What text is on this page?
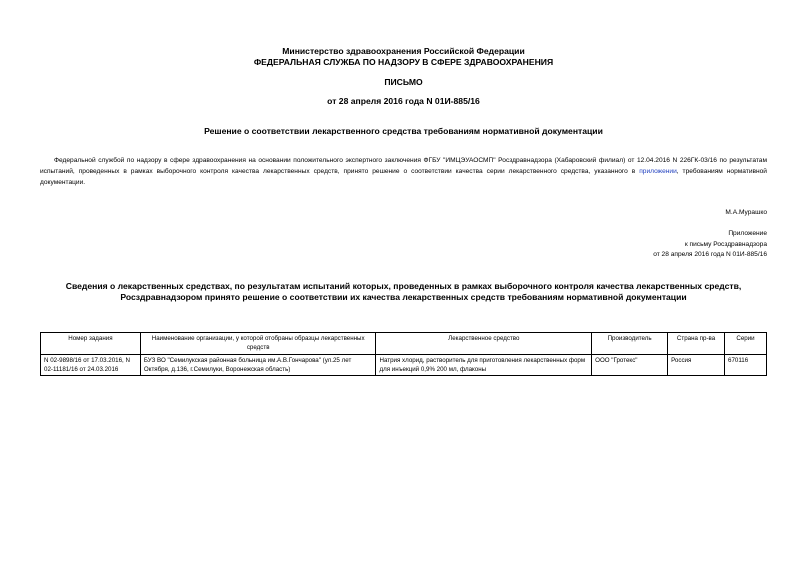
Министерство здравоохранения Российской Федерации
ФЕДЕРАЛЬНАЯ СЛУЖБА ПО НАДЗОРУ В СФЕРЕ ЗДРАВООХРАНЕНИЯ
ПИСЬМО
от 28 апреля 2016 года N 01И-885/16
Решение о соответствии лекарственного средства требованиям нормативной документации
Федеральной службой по надзору в сфере здравоохранения на основании положительного экспертного заключения ФГБУ "ИМЦЭУАОСМП" Росздравнадзора (Хабаровский филиал) от 12.04.2016 N 226ГК-03/16 по результатам испытаний, проведенных в рамках выборочного контроля качества лекарственных средств, принято решение о соответствии качества серии лекарственного средства, указанного в приложении, требованиям нормативной документации.
М.А.Мурашко
Приложение
к письму Росздравнадзора
от 28 апреля 2016 года N 01И-885/16
Сведения о лекарственных средствах, по результатам испытаний которых, проведенных в рамках выборочного контроля качества лекарственных средств,
Росздравнадзором принято решение о соответствии их качества лекарственных средств требованиям нормативной документации
Номер задания	Наименование организации, у которой отобраны образцы лекарственных средств	Лекарственное средство	Производитель	Страна пр-ва	Серии
N 02-9898/16 от 17.03.2016, N 02-11181/16 от 24.03.2016	БУЗ ВО "Семилукская районная больница им.А.В.Гончарова" (ул.25 лет Октября, д.136, г.Семилуки, Воронежская область)	Натрия хлорид, растворитель для приготовления лекарственных форм для инъекций 0,9% 200 мл, флаконы	ООО "Гротекс"	Россия	670116
